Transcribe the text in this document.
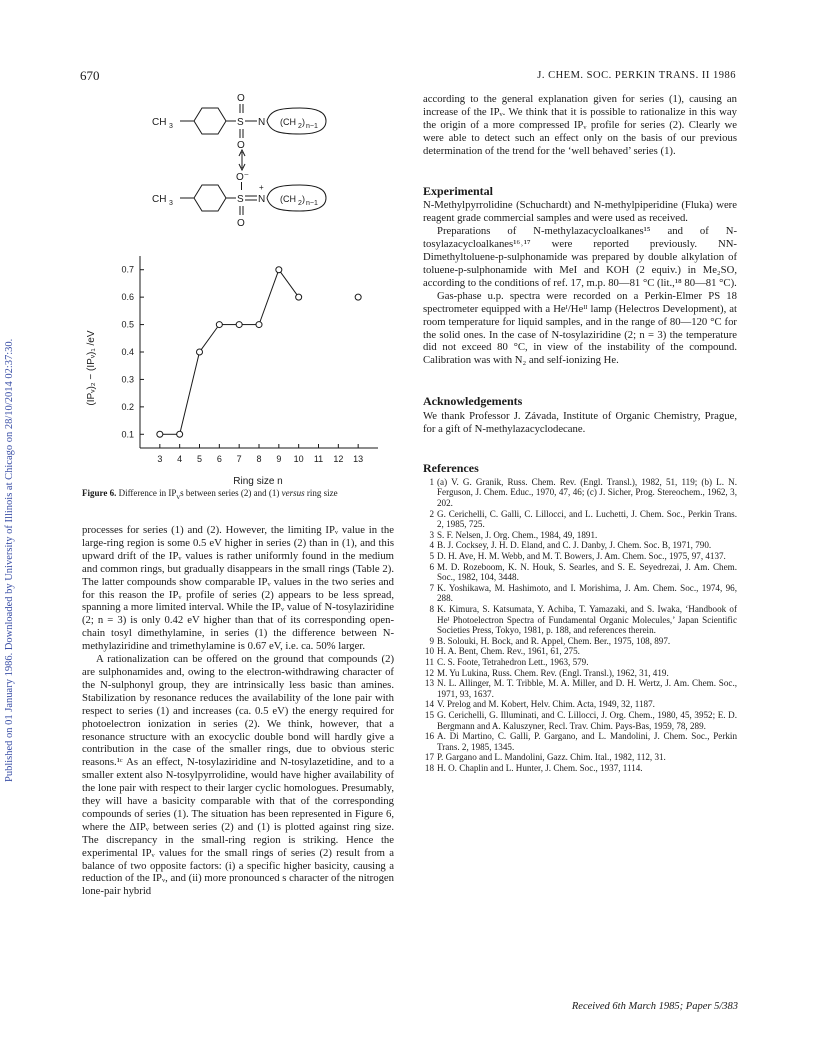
Published on 01 January 1986. Downloaded by University of Illinois at Chicago on 28/10/2014 02:37:30.
670	J. CHEM. SOC. PERKIN TRANS. II 1986
CH 3	S
O
O
N (CH 2 ) n−1
CH 3	S
O⁻
O
N
+
(CH 2 ) n−1
3 4 5 6 7 8 9 10 11 12 13
0.1
0.2
0.3
0.4
0.5
0.6
0.7
Ring size n
(IPᵥ)₂ − (IPᵥ)₁ /eV
Figure 6. Difference in $IP_vs$ between series (2) and (1) versus ring size

processes for series (1) and (2). However, the limiting IPᵥ value in the large-ring region is some 0.5 eV higher in series (2) than in (1), and this upward drift of the IPᵥ values is rather uniformly found in the medium and common rings, but gradually disappears in the small rings (Table 2). The latter compounds show comparable IPᵥ values in the two series and for this reason the IPᵥ profile of series (2) appears to be less spread, spanning a more limited interval. While the IPᵥ value of N-tosylaziridine (2; n = 3) is only 0.42 eV higher than that of its corresponding open-chain tosyl dimethylamine, in series (1) the difference between N-methylaziridine and trimethylamine is 0.67 eV, i.e. ca. 50% larger.

A rationalization can be offered on the ground that compounds (2) are sulphonamides and, owing to the electron-withdrawing character of the N-sulphonyl group, they are intrinsically less basic than amines. Stabilization by resonance reduces the availability of the lone pair with respect to series (1) and increases (ca. 0.5 eV) the energy required for photoelectron ionization in series (2). We think, however, that a resonance structure with an exocyclic double bond will hardly give a contribution in the case of the smaller rings, due to obvious steric reasons.¹ᶜ As an effect, N-tosylaziridine and N-tosylazetidine, and to a smaller extent also N-tosylpyrrolidine, would have higher availability of the lone pair with respect to their larger cyclic homologues. Presumably, they will have a basicity comparable with that of the corresponding compounds of series (1). The situation has been represented in Figure 6, where the ΔIPᵥ between series (2) and (1) is plotted against ring size. The discrepancy in the small-ring region is striking. Hence the experimental IPᵥ values for the small rings of series (2) result from a balance of two opposite factors: (i) a specific higher basicity, causing a reduction of the IPᵥ, and (ii) more pronounced s character of the nitrogen lone-pair hybrid

according to the general explanation given for series (1), causing an increase of the IPᵥ. We think that it is possible to rationalize in this way the origin of a more compressed IPᵥ profile for series (2). Clearly we were able to detect such an effect only on the basis of our previous determination of the trend for the ‘well behaved’ series (1).

Experimental

N-Methylpyrrolidine (Schuchardt) and N-methylpiperidine (Fluka) were reagent grade commercial samples and were used as received.

Preparations of N-methylazacycloalkanes¹⁵ and of N-tosylazacycloalkanes¹⁶˒¹⁷ were reported previously. NN-Dimethyltoluene-p-sulphonamide was prepared by double alkylation of toluene-p-sulphonamide with MeI and KOH (2 equiv.) in Me₂SO, according to the conditions of ref. 17, m.p. 80—81 °C (lit.,¹⁸ 80—81 °C).

Gas-phase u.p. spectra were recorded on a Perkin-Elmer PS 18 spectrometer equipped with a Heᴵ/Heᴵᴵ lamp (Helectros Development), at room temperature for liquid samples, and in the range of 80—120 °C for the solid ones. In the case of N-tosylaziridine (2; n = 3) the temperature did not exceed 80 °C, in view of the instability of the compound. Calibration was with N₂ and self-ionizing He.

Acknowledgements

We thank Professor J. Závada, Institute of Organic Chemistry, Prague, for a gift of N-methylazacyclodecane.

References
1 (a) V. G. Granik, Russ. Chem. Rev. (Engl. Transl.), 1982, 51, 119; (b) L. N. Ferguson, J. Chem. Educ., 1970, 47, 46; (c) J. Sicher, Prog. Stereochem., 1962, 3, 202.
2 G. Cerichelli, C. Galli, C. Lillocci, and L. Luchetti, J. Chem. Soc., Perkin Trans. 2, 1985, 725.
3 S. F. Nelsen, J. Org. Chem., 1984, 49, 1891.
4 B. J. Cocksey, J. H. D. Eland, and C. J. Danby, J. Chem. Soc. B, 1971, 790.
5 D. H. Ave, H. M. Webb, and M. T. Bowers, J. Am. Chem. Soc., 1975, 97, 4137.
6 M. D. Rozeboom, K. N. Houk, S. Searles, and S. E. Seyedrezai, J. Am. Chem. Soc., 1982, 104, 3448.
7 K. Yoshikawa, M. Hashimoto, and I. Morishima, J. Am. Chem. Soc., 1974, 96, 288.
8 K. Kimura, S. Katsumata, Y. Achiba, T. Yamazaki, and S. Iwaka, ‘Handbook of Heᴵ Photoelectron Spectra of Fundamental Organic Molecules,’ Japan Scientific Societies Press, Tokyo, 1981, p. 188, and references therein.
9 B. Solouki, H. Bock, and R. Appel, Chem. Ber., 1975, 108, 897.
10 H. A. Bent, Chem. Rev., 1961, 61, 275.
11 C. S. Foote, Tetrahedron Lett., 1963, 579.
12 M. Yu Lukina, Russ. Chem. Rev. (Engl. Transl.), 1962, 31, 419.
13 N. L. Allinger, M. T. Tribble, M. A. Miller, and D. H. Wertz, J. Am. Chem. Soc., 1971, 93, 1637.
14 V. Prelog and M. Kobert, Helv. Chim. Acta, 1949, 32, 1187.
15 G. Cerichelli, G. Illuminati, and C. Lillocci, J. Org. Chem., 1980, 45, 3952; E. D. Bergmann and A. Kaluszyner, Recl. Trav. Chim. Pays-Bas, 1959, 78, 289.
16 A. Di Martino, C. Galli, P. Gargano, and L. Mandolini, J. Chem. Soc., Perkin Trans. 2, 1985, 1345.
17 P. Gargano and L. Mandolini, Gazz. Chim. Ital., 1982, 112, 31.
18 H. O. Chaplin and L. Hunter, J. Chem. Soc., 1937, 1114.
Received 6th March 1985; Paper 5/383
